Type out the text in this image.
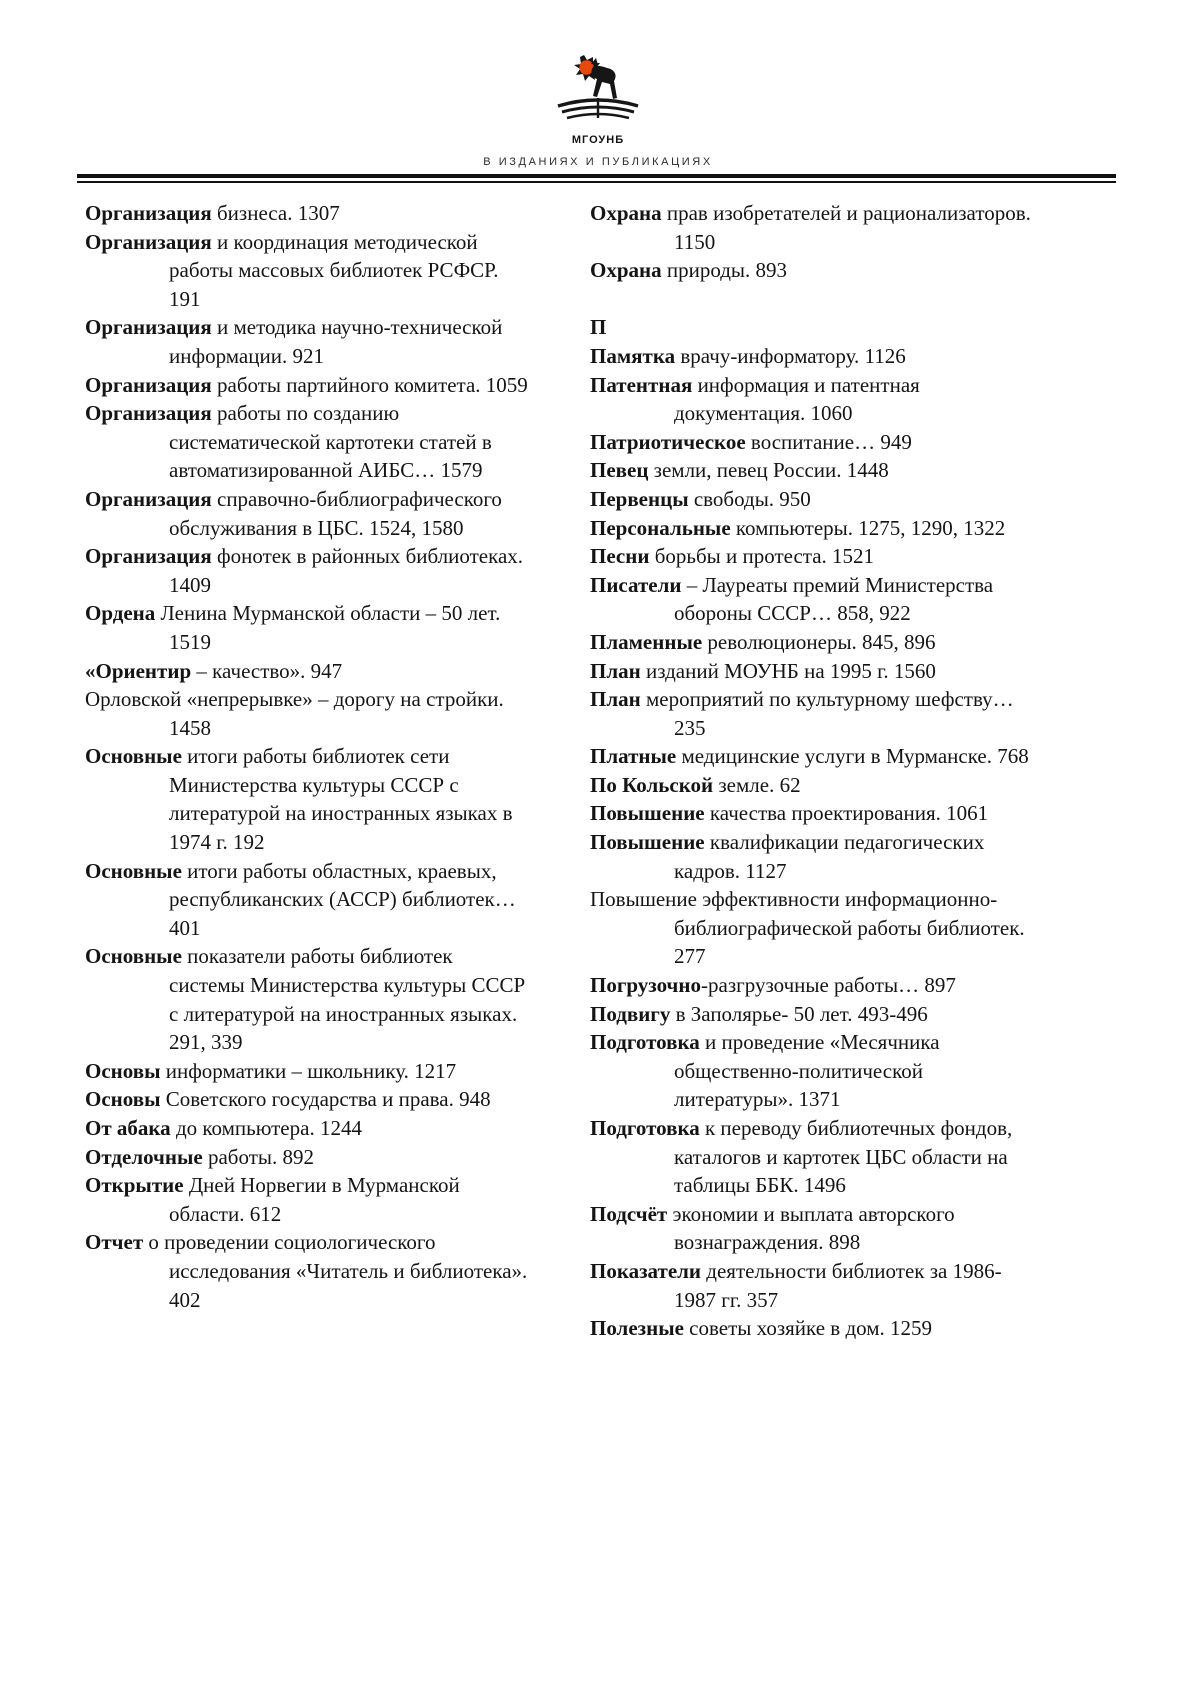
МГОУНБ
В ИЗДАНИЯХ И ПУБЛИКАЦИЯХ
Организация бизнеса. 1307
Организация и координация методической работы массовых библиотек РСФСР. 191
Организация и методика научно-технической информации. 921
Организация работы партийного комитета. 1059
Организация работы по созданию систематической картотеки статей в автоматизированной АИБС… 1579
Организация справочно-библиографического обслуживания в ЦБС. 1524, 1580
Организация фонотек в районных библиотеках. 1409
Ордена Ленина Мурманской области – 50 лет. 1519
«Ориентир – качество». 947
Орловской «непрерывке» – дорогу на стройки. 1458
Основные итоги работы библиотек сети Министерства культуры СССР с литературой на иностранных языках в 1974 г. 192
Основные итоги работы областных, краевых, республиканских (АССР) библиотек… 401
Основные показатели работы библиотек системы Министерства культуры СССР с литературой на иностранных языках. 291, 339
Основы информатики – школьнику. 1217
Основы Советского государства и права. 948
От абака до компьютера. 1244
Отделочные работы. 892
Открытие Дней Норвегии в Мурманской области. 612
Отчет о проведении социологического исследования «Читатель и библиотека». 402
Охрана прав изобретателей и рационализаторов. 1150
Охрана природы. 893
П
Памятка врачу-информатору. 1126
Патентная информация и патентная документация. 1060
Патриотическое воспитание… 949
Певец земли, певец России. 1448
Первенцы свободы. 950
Персональные компьютеры. 1275, 1290, 1322
Песни борьбы и протеста. 1521
Писатели – Лауреаты премий Министерства обороны СССР… 858, 922
Пламенные революционеры. 845, 896
План изданий МОУНБ на 1995 г. 1560
План мероприятий по культурному шефству… 235
Платные медицинские услуги в Мурманске. 768
По Кольской земле. 62
Повышение качества проектирования. 1061
Повышение квалификации педагогических кадров. 1127
Повышение эффективности информационно-библиографической работы библиотек. 277
Погрузочно-разгрузочные работы… 897
Подвигу в Заполярье- 50 лет. 493-496
Подготовка и проведение «Месячника общественно-политической литературы». 1371
Подготовка к переводу библиотечных фондов, каталогов и картотек ЦБС области на таблицы ББК. 1496
Подсчёт экономии и выплата авторского вознаграждения. 898
Показатели деятельности библиотек за 1986-1987 гг. 357
Полезные советы хозяйке в дом. 1259
